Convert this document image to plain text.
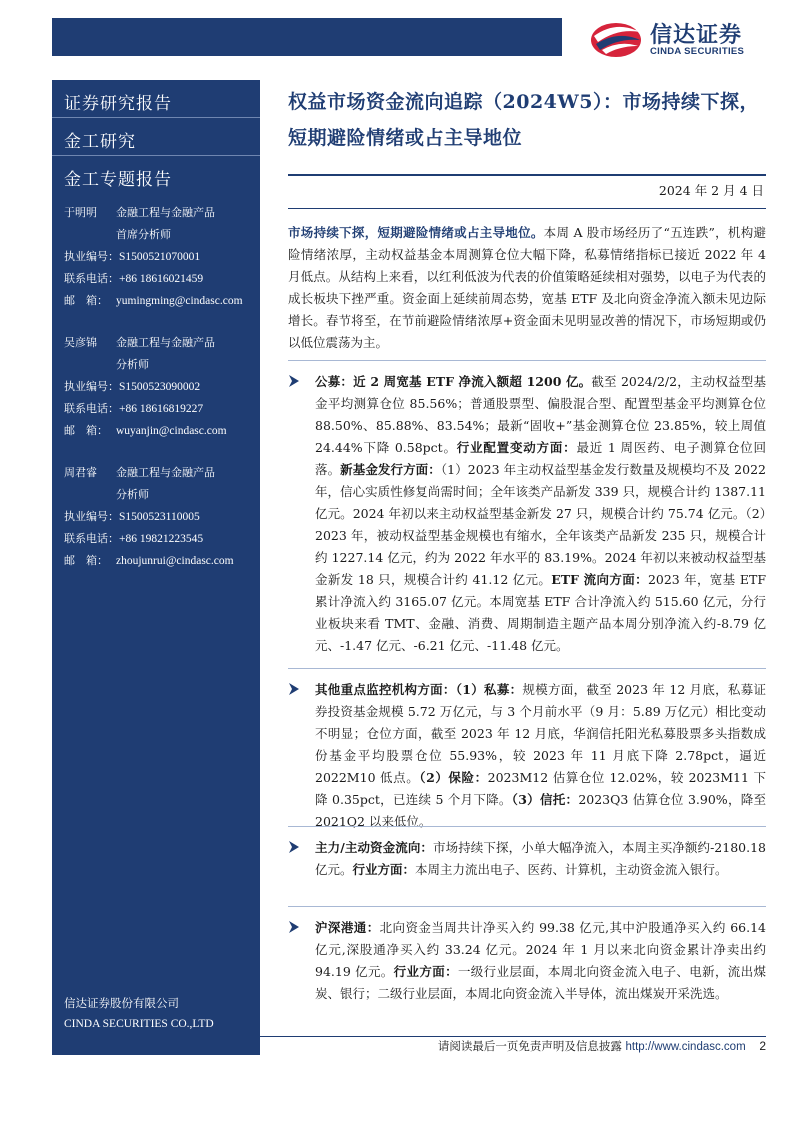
信达证券
CINDA SECURITIES
证券研究报告
金工研究
金工专题报告
于明明	金融工程与金融产品
首席分析师
执业编号： S1500521070001
联系电话： +86 18616021459
邮　箱： yumingming@cindasc.com
吴彦锦	金融工程与金融产品
分析师
执业编号： S1500523090002
联系电话： +86 18616819227
邮　箱： wuyanjin@cindasc.com
周君睿	金融工程与金融产品
分析师
执业编号： S1500523110005
联系电话： +86 19821223545
邮　箱： zhoujunrui@cindasc.com
信达证券股份有限公司
CINDA SECURITIES CO.,LTD
权益市场资金流向追踪（2024W5）：市场持续下探，短期避险情绪或占主导地位
2024 年 2 月 4 日

市场持续下探，短期避险情绪或占主导地位。本周 A 股市场经历了“五连跌”，机构避险情绪浓厚，主动权益基金本周测算仓位大幅下降，私募情绪指标已接近 2022 年 4 月低点。从结构上来看，以红利低波为代表的价值策略延续相对强势，以电子为代表的成长板块下挫严重。资金面上延续前周态势，宽基 ETF 及北向资金净流入额未见边际增长。春节将至，在节前避险情绪浓厚+资金面未见明显改善的情况下，市场短期或仍以低位震荡为主。

公募：近 2 周宽基 ETF 净流入额超 1200 亿。截至 2024/2/2，主动权益型基金平均测算仓位 85.56%；普通股票型、偏股混合型、配置型基金平均测算仓位 88.50%、85.88%、83.54%；最新“固收+”基金测算仓位 23.85%，较上周值 24.44%下降 0.58pct。行业配置变动方面：最近 1 周医药、电子测算仓位回落。新基金发行方面：（1）2023 年主动权益型基金发行数量及规模均不及 2022 年，信心实质性修复尚需时间；全年该类产品新发 339 只，规模合计约 1387.11 亿元。2024 年初以来主动权益型基金新发 27 只，规模合计约 75.74 亿元。（2）2023 年，被动权益型基金规模也有缩水，全年该类产品新发 235 只，规模合计约 1227.14 亿元，约为 2022 年水平的 83.19%。2024 年初以来被动权益型基金新发 18 只，规模合计约 41.12 亿元。ETF 流向方面：2023 年，宽基 ETF 累计净流入约 3165.07 亿元。本周宽基 ETF 合计净流入约 515.60 亿元，分行业板块来看 TMT、金融、消费、周期制造主题产品本周分别净流入约-8.79 亿元、-1.47 亿元、-6.21 亿元、-11.48 亿元。
其他重点监控机构方面：（1）私募：规模方面，截至 2023 年 12 月底，私募证券投资基金规模 5.72 万亿元，与 3 个月前水平（9 月：5.89 万亿元）相比变动不明显；仓位方面，截至 2023 年 12 月底，华润信托阳光私募股票多头指数成份基金平均股票仓位 55.93%，较 2023 年 11 月底下降 2.78pct，逼近 2022M10 低点。（2）保险：2023M12 估算仓位 12.02%，较 2023M11 下降 0.35pct，已连续 5 个月下降。（3）信托：2023Q3 估算仓位 3.90%，降至 2021Q2 以来低位。
主力/主动资金流向：市场持续下探，小单大幅净流入，本周主买净额约-2180.18 亿元。行业方面：本周主力流出电子、医药、计算机，主动资金流入银行。
沪深港通：北向资金当周共计净买入约 99.38 亿元,其中沪股通净买入约 66.14 亿元,深股通净买入约 33.24 亿元。2024 年 1 月以来北向资金累计净卖出约 94.19 亿元。行业方面：一级行业层面，本周北向资金流入电子、电新，流出煤炭、银行；二级行业层面，本周北向资金流入半导体，流出煤炭开采洗选。
请阅读最后一页免责声明及信息披露 http://www.cindasc.com 2
